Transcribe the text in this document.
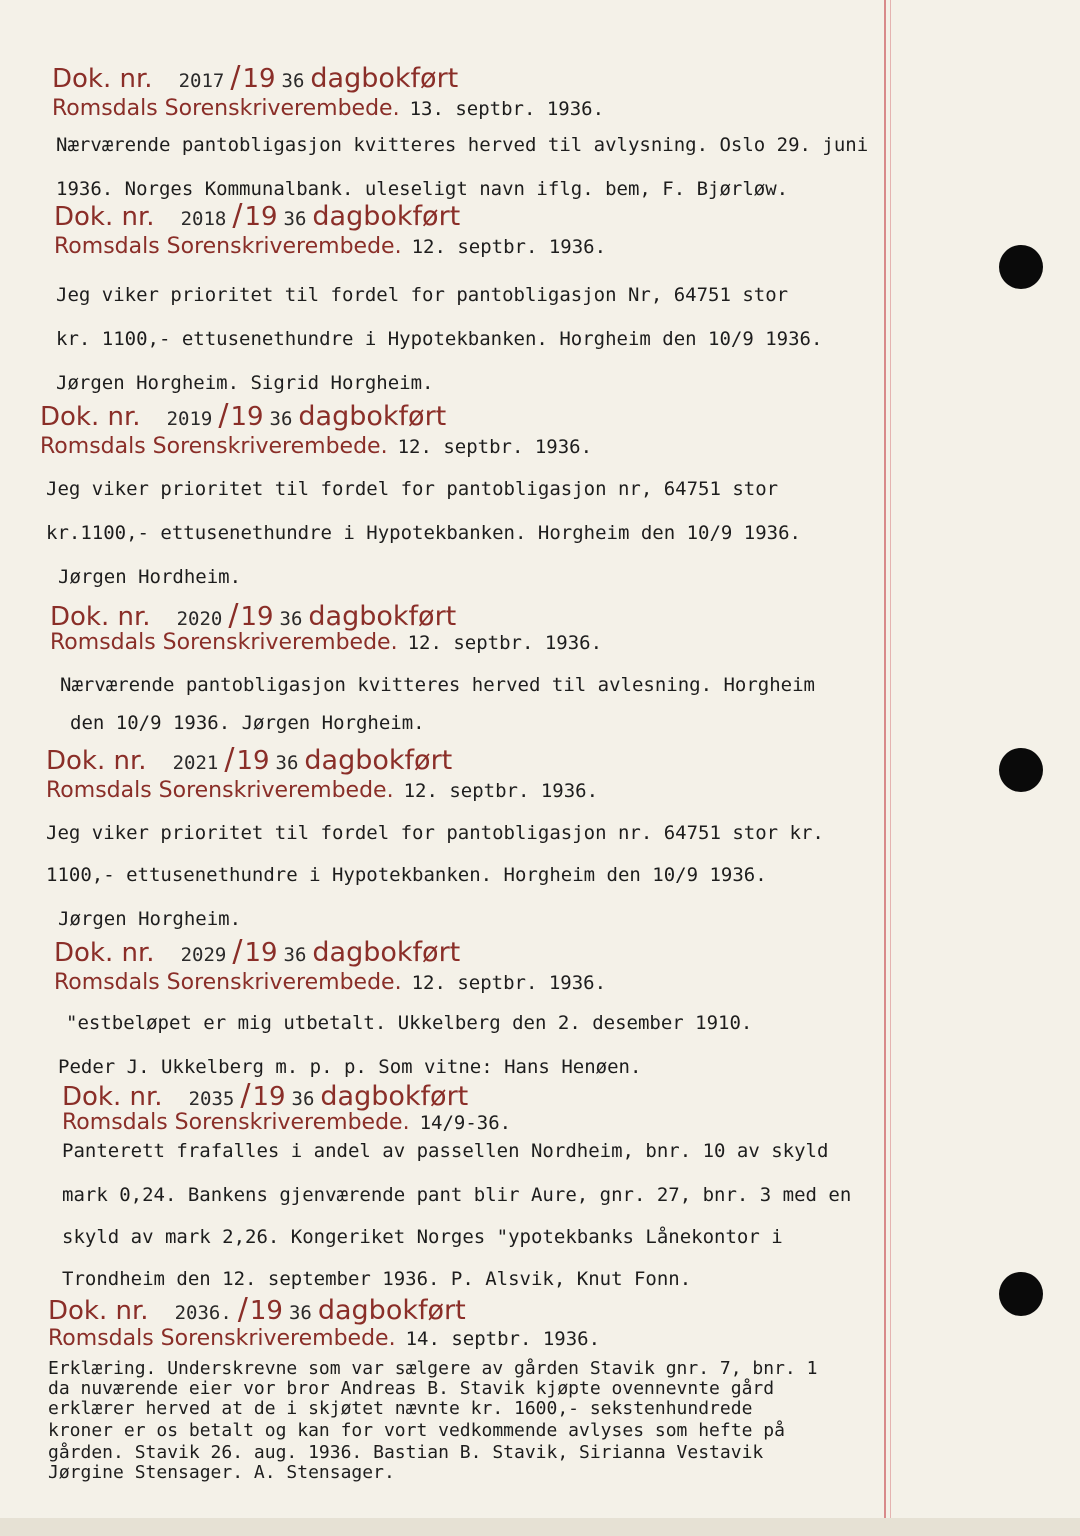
Dok. nr. 2017 /19 36 dagbokført
Romsdals Sorenskriverembede. 13. septbr. 1936.
Nærværende pantobligasjon kvitteres herved til avlysning. Oslo 29. juni
1936. Norges Kommunalbank. uleseligt navn iflg. bem, F. Bjørløw.
Dok. nr. 2018 /19 36 dagbokført
Romsdals Sorenskriverembede. 12. septbr. 1936.
Jeg viker prioritet til fordel for pantobligasjon Nr, 64751 stor
kr. 1100,- ettusenethundre i Hypotekbanken. Horgheim den 10/9 1936.
Jørgen Horgheim. Sigrid Horgheim.
Dok. nr. 2019 /19 36 dagbokført
Romsdals Sorenskriverembede. 12. septbr. 1936.
Jeg viker prioritet til fordel for pantobligasjon nr, 64751 stor
kr.1100,- ettusenethundre i Hypotekbanken. Horgheim den 10/9 1936.
Jørgen Hordheim.
Dok. nr. 2020 /19 36 dagbokført
Romsdals Sorenskriverembede. 12. septbr. 1936.
Nærværende pantobligasjon kvitteres herved til avlesning. Horgheim
den 10/9 1936. Jørgen Horgheim.
Dok. nr. 2021 /19 36 dagbokført
Romsdals Sorenskriverembede. 12. septbr. 1936.
Jeg viker prioritet til fordel for pantobligasjon nr. 64751 stor kr.
1100,- ettusenethundre i Hypotekbanken. Horgheim den 10/9 1936.
Jørgen Horgheim.
Dok. nr. 2029 /19 36 dagbokført
Romsdals Sorenskriverembede. 12. septbr. 1936.
"estbeløpet er mig utbetalt. Ukkelberg den 2. desember 1910.
Peder J. Ukkelberg m. p. p. Som vitne: Hans Henøen.
Dok. nr. 2035 /19 36 dagbokført
Romsdals Sorenskriverembede. 14/9-36.
Panterett frafalles i andel av passellen Nordheim, bnr. 10 av skyld
mark 0,24. Bankens gjenværende pant blir Aure, gnr. 27, bnr. 3 med en
skyld av mark 2,26. Kongeriket Norges "ypotekbanks Lånekontor i
Trondheim den 12. september 1936. P. Alsvik, Knut Fonn.
Dok. nr. 2036. /19 36 dagbokført
Romsdals Sorenskriverembede. 14. septbr. 1936.
Erklæring. Underskrevne som var sælgere av gården Stavik gnr. 7, bnr. 1
da nuværende eier vor bror Andreas B. Stavik kjøpte ovennevnte gård
erklærer herved at de i skjøtet nævnte kr. 1600,- sekstenhundrede
kroner er os betalt og kan for vort vedkommende avlyses som hefte på
gården. Stavik 26. aug. 1936. Bastian B. Stavik, Sirianna Vestavik
Jørgine Stensager. A. Stensager.
